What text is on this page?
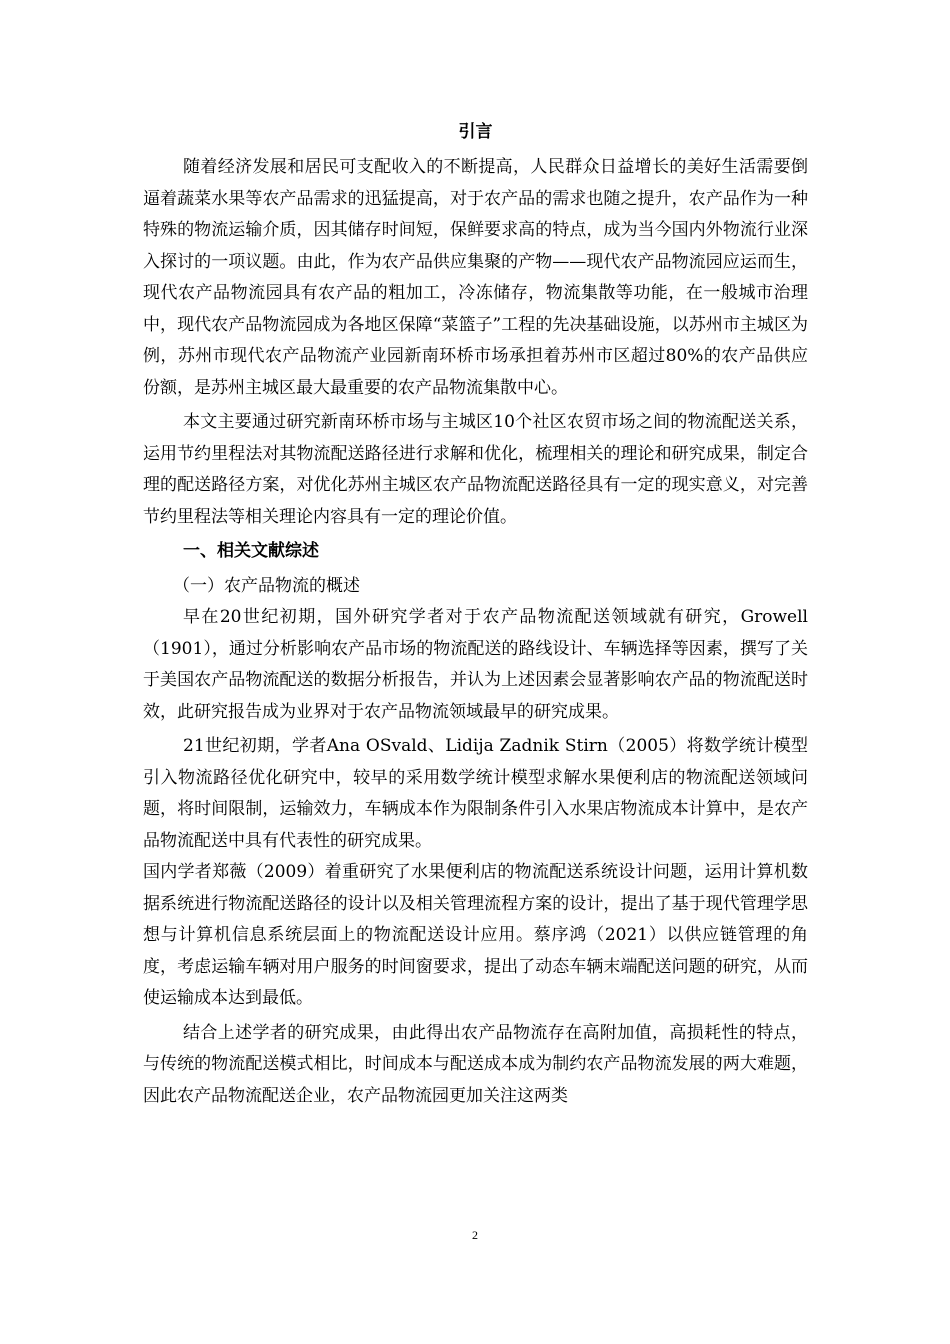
引言

随着经济发展和居民可支配收入的不断提高，人民群众日益增长的美好生活需要倒逼着蔬菜水果等农产品需求的迅猛提高，对于农产品的需求也随之提升，农产品作为一种特殊的物流运输介质，因其储存时间短，保鲜要求高的特点，成为当今国内外物流行业深入探讨的一项议题。由此，作为农产品供应集聚的产物——现代农产品物流园应运而生，现代农产品物流园具有农产品的粗加工，冷冻储存，物流集散等功能，在一般城市治理中，现代农产品物流园成为各地区保障“菜篮子”工程的先决基础设施，以苏州市主城区为例，苏州市现代农产品物流产业园新南环桥市场承担着苏州市区超过80%的农产品供应份额，是苏州主城区最大最重要的农产品物流集散中心。

本文主要通过研究新南环桥市场与主城区10个社区农贸市场之间的物流配送关系，运用节约里程法对其物流配送路径进行求解和优化，梳理相关的理论和研究成果，制定合理的配送路径方案，对优化苏州主城区农产品物流配送路径具有一定的现实意义，对完善节约里程法等相关理论内容具有一定的理论价值。

一、相关文献综述

（一）农产品物流的概述

早在20世纪初期，国外研究学者对于农产品物流配送领域就有研究，Growell（1901），通过分析影响农产品市场的物流配送的路线设计、车辆选择等因素，撰写了关于美国农产品物流配送的数据分析报告，并认为上述因素会显著影响农产品的物流配送时效，此研究报告成为业界对于农产品物流领域最早的研究成果。

21世纪初期，学者Ana OSvald、Lidija Zadnik Stirn（2005）将数学统计模型引入物流路径优化研究中，较早的采用数学统计模型求解水果便利店的物流配送领域问题，将时间限制，运输效力，车辆成本作为限制条件引入水果店物流成本计算中，是农产品物流配送中具有代表性的研究成果。

国内学者郑薇（2009）着重研究了水果便利店的物流配送系统设计问题，运用计算机数据系统进行物流配送路径的设计以及相关管理流程方案的设计，提出了基于现代管理学思想与计算机信息系统层面上的物流配送设计应用。蔡序鸿（2021）以供应链管理的角度，考虑运输车辆对用户服务的时间窗要求，提出了动态车辆末端配送问题的研究，从而使运输成本达到最低。

结合上述学者的研究成果，由此得出农产品物流存在高附加值，高损耗性的特点，与传统的物流配送模式相比，时间成本与配送成本成为制约农产品物流发展的两大难题，因此农产品物流配送企业，农产品物流园更加关注这两类

2
